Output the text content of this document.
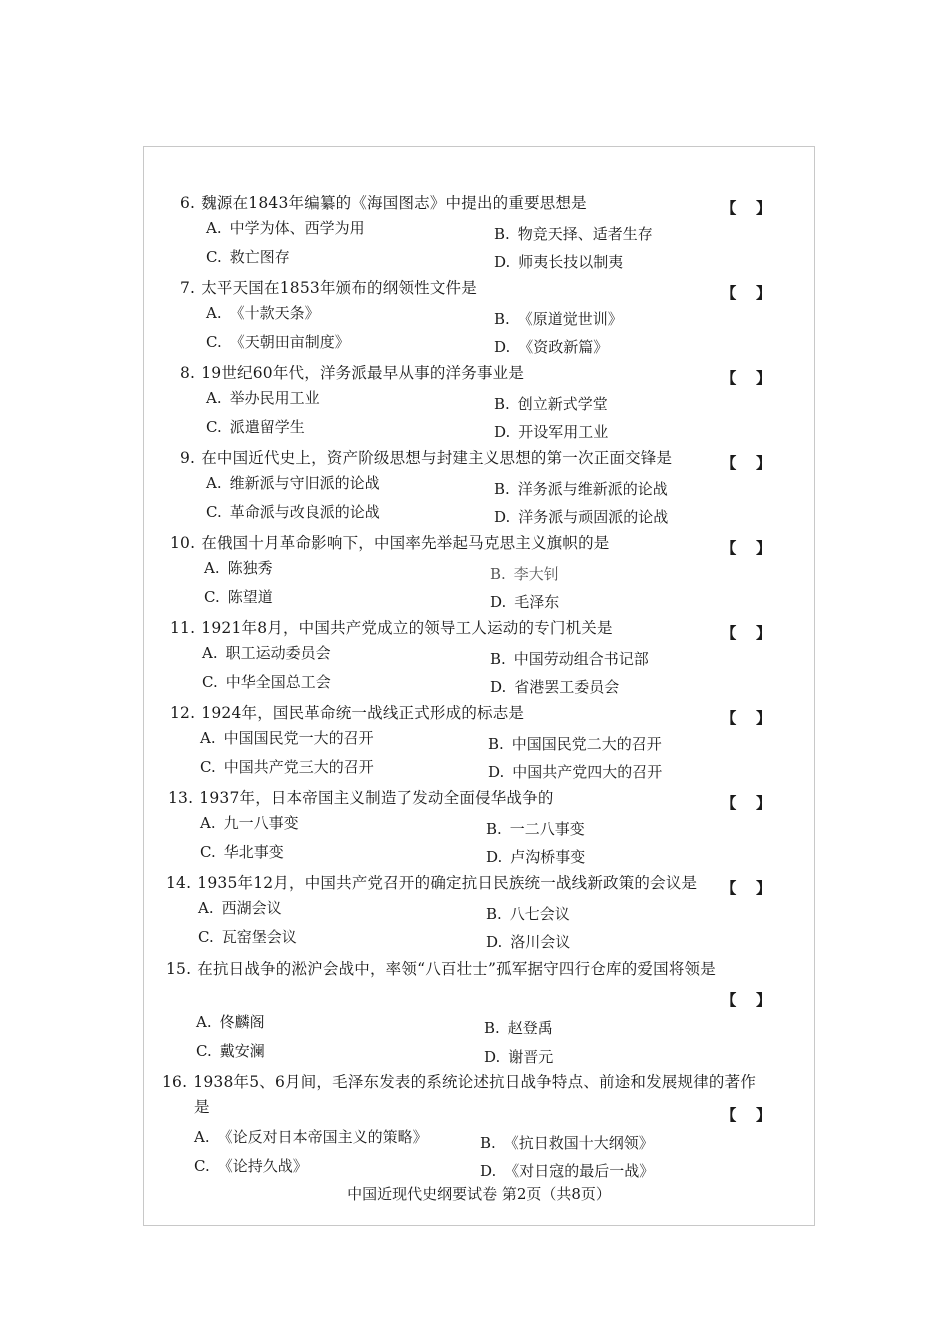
6. 魏源在1843年编纂的《海国图志》中提出的重要思想是	【   】
A. 中学为体、西学为用	B. 物竞天择、适者生存
C. 救亡图存	D. 师夷长技以制夷
7. 太平天国在1853年颁布的纲领性文件是	【   】
A. 《十款天条》	B. 《原道觉世训》
C. 《天朝田亩制度》	D. 《资政新篇》
8. 19世纪60年代，洋务派最早从事的洋务事业是	【   】
A. 举办民用工业	B. 创立新式学堂
C. 派遣留学生	D. 开设军用工业
9. 在中国近代史上，资产阶级思想与封建主义思想的第一次正面交锋是	【   】
A. 维新派与守旧派的论战	B. 洋务派与维新派的论战
C. 革命派与改良派的论战	D. 洋务派与顽固派的论战
10. 在俄国十月革命影响下，中国率先举起马克思主义旗帜的是	【   】
A. 陈独秀	B. 李大钊
C. 陈望道	D. 毛泽东
11. 1921年8月，中国共产党成立的领导工人运动的专门机关是	【   】
A. 职工运动委员会	B. 中国劳动组合书记部
C. 中华全国总工会	D. 省港罢工委员会
12. 1924年，国民革命统一战线正式形成的标志是	【   】
A. 中国国民党一大的召开	B. 中国国民党二大的召开
C. 中国共产党三大的召开	D. 中国共产党四大的召开
13. 1937年，日本帝国主义制造了发动全面侵华战争的	【   】
A. 九一八事变	B. 一二八事变
C. 华北事变	D. 卢沟桥事变
14. 1935年12月，中国共产党召开的确定抗日民族统一战线新政策的会议是 【   】
A. 西湖会议	B. 八七会议
C. 瓦窑堡会议	D. 洛川会议
15. 在抗日战争的淞沪会战中，率领“八百壮士”孤军据守四行仓库的爱国将领是
【   】
A. 佟麟阁	B. 赵登禹
C. 戴安澜	D. 谢晋元
16. 1938年5、6月间，毛泽东发表的系统论述抗日战争特点、前途和发展规律的著作
是	【   】
A. 《论反对日本帝国主义的策略》	B. 《抗日救国十大纲领》
C. 《论持久战》	D. 《对日寇的最后一战》
中国近现代史纲要试卷 第2页（共8页）
